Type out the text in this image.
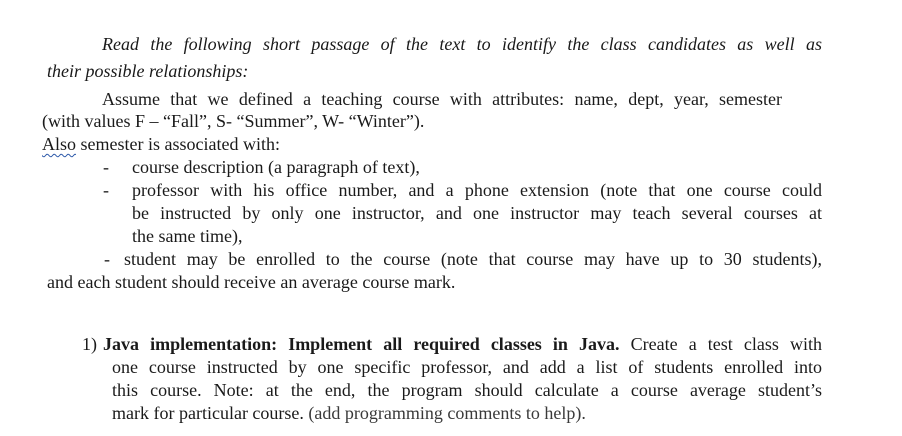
Read the following short passage of the text to identify the class candidates as well as
their possible relationships:
Assume that we defined a teaching course with attributes: name, dept, year, semester
(with values F – “Fall”, S- “Summer”, W- “Winter”).
Also semester is associated with:
- course description (a paragraph of text),
- professor with his office number, and a phone extension (note that one course could
be instructed by only one instructor, and one instructor may teach several courses at
the same time),
- student may be enrolled to the course (note that course may have up to 30 students),
and each student should receive an average course mark.
1) Java implementation: Implement all required classes in Java. Create a test class with
one course instructed by one specific professor, and add a list of students enrolled into
this course. Note: at the end, the program should calculate a course average student’s
mark for particular course. (add programming comments to help).
